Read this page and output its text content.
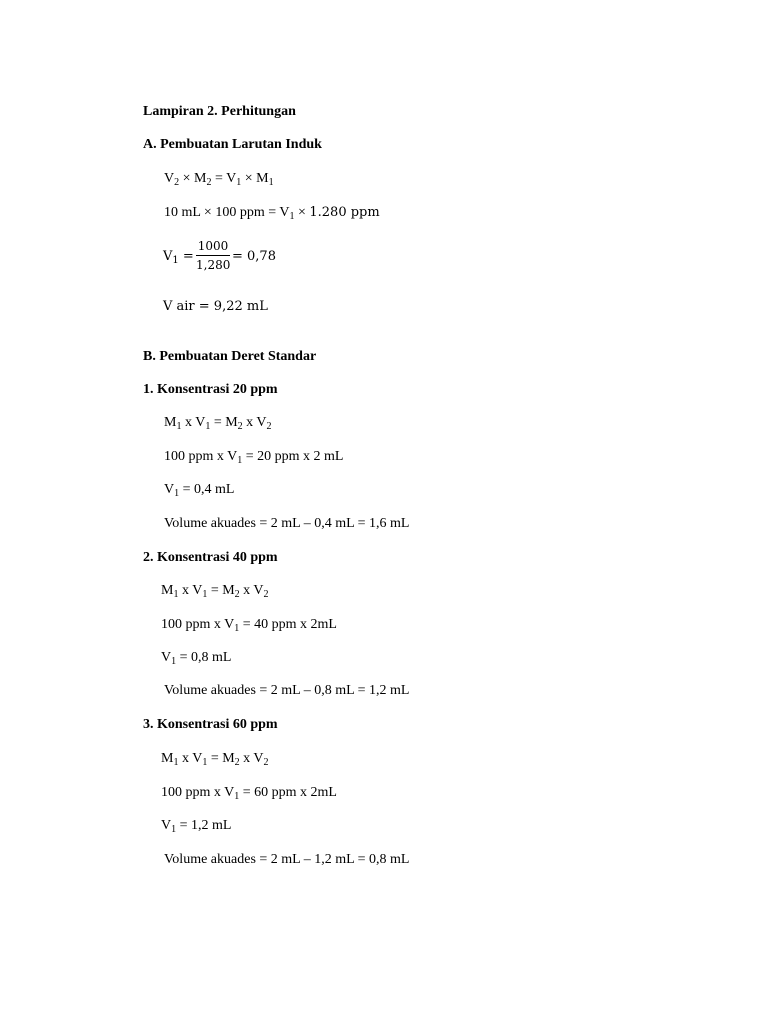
Lampiran 2. Perhitungan
A. Pembuatan Larutan Induk
$V_2 \times M_2 = V_1 \times M_1$
10 mL × 100 ppm = $V_1 \times 1.280$ ppm
$V_1$ =
1000
1,280
= 0,78
V air = 9,22 mL
B. Pembuatan Deret Standar
1. Konsentrasi 20 ppm
$M_1$ x $V_1 = M_2$ x $V_2$
100 ppm x $V_1 = 20$ ppm x 2 mL
$V_1 = 0,4$ mL
Volume akuades = 2 mL – 0,4 mL = 1,6 mL
2. Konsentrasi 40 ppm
$M_1$ x $V_1 = M_2$ x $V_2$
100 ppm x $V_1 = 40$ ppm x 2mL
$V_1 = 0,8$ mL
Volume akuades = 2 mL – 0,8 mL = 1,2 mL
3. Konsentrasi 60 ppm
$M_1$ x $V_1 = M_2$ x $V_2$
100 ppm x $V_1 = 60$ ppm x 2mL
$V_1 = 1,2$ mL
Volume akuades = 2 mL – 1,2 mL = 0,8 mL
